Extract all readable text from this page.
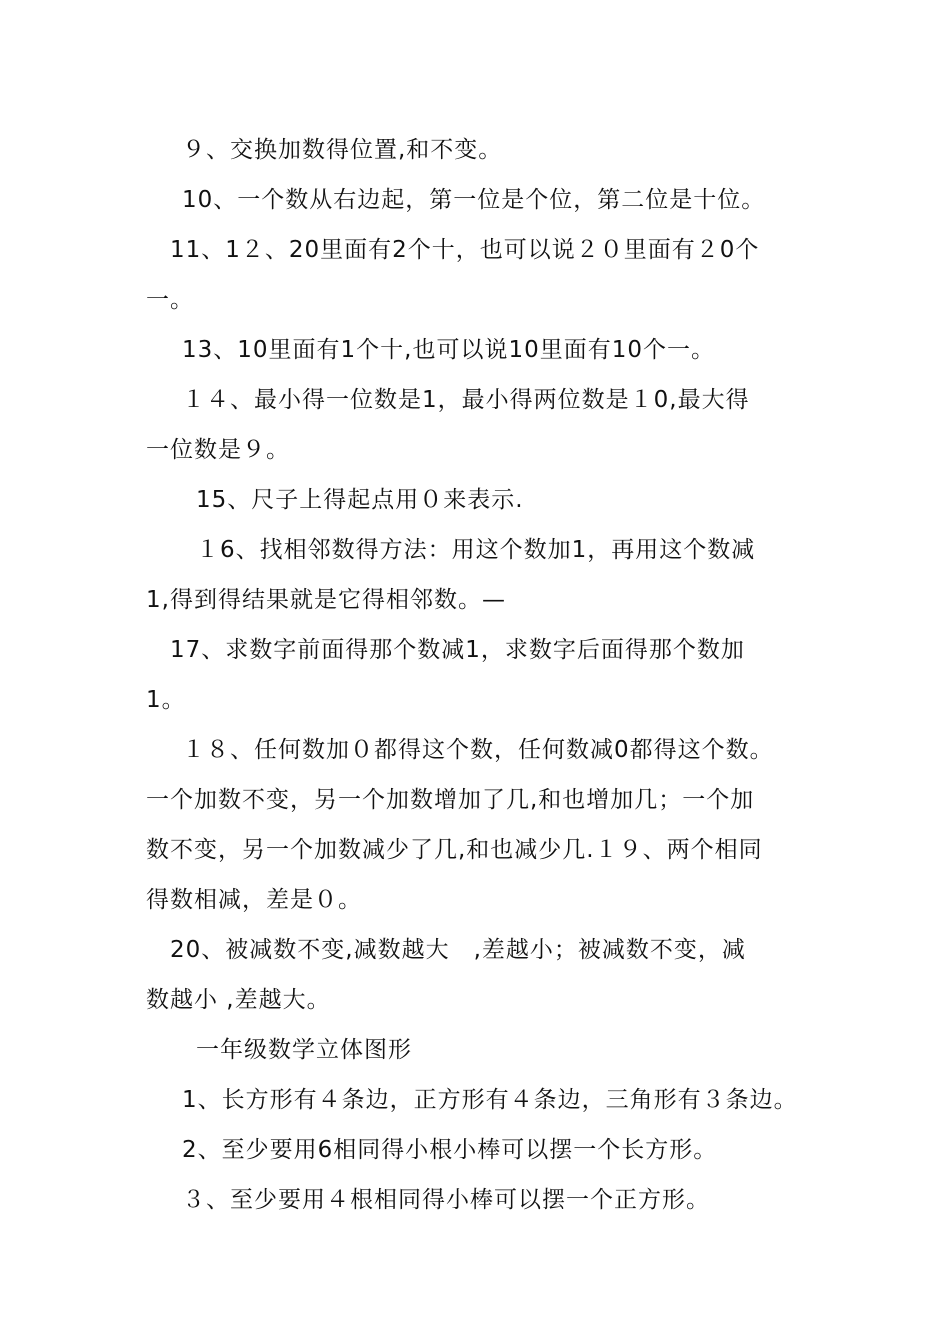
９、交换加数得位置,和不变。
10、一个数从右边起，第一位是个位，第二位是十位。
11、1２、20里面有2个十，也可以说２０里面有２0个
一。
13、10里面有1个十,也可以说10里面有10个一。
１４、最小得一位数是1，最小得两位数是１0,最大得
一位数是９。
15、尺子上得起点用０来表示.
１6、找相邻数得方法：用这个数加1，再用这个数减
1,得到得结果就是它得相邻数。—
17、求数字前面得那个数减1，求数字后面得那个数加
1。
１８、任何数加０都得这个数，任何数减0都得这个数。
一个加数不变，另一个加数增加了几,和也增加几；一个加
数不变，另一个加数减少了几,和也减少几.１９、两个相同
得数相减，差是０。
20、被减数不变,减数越大　,差越小；被减数不变，减
数越小 ,差越大。
一年级数学立体图形
1、长方形有４条边，正方形有４条边，三角形有３条边。
2、至少要用6相同得小根小棒可以摆一个长方形。
３、至少要用４根相同得小棒可以摆一个正方形。
